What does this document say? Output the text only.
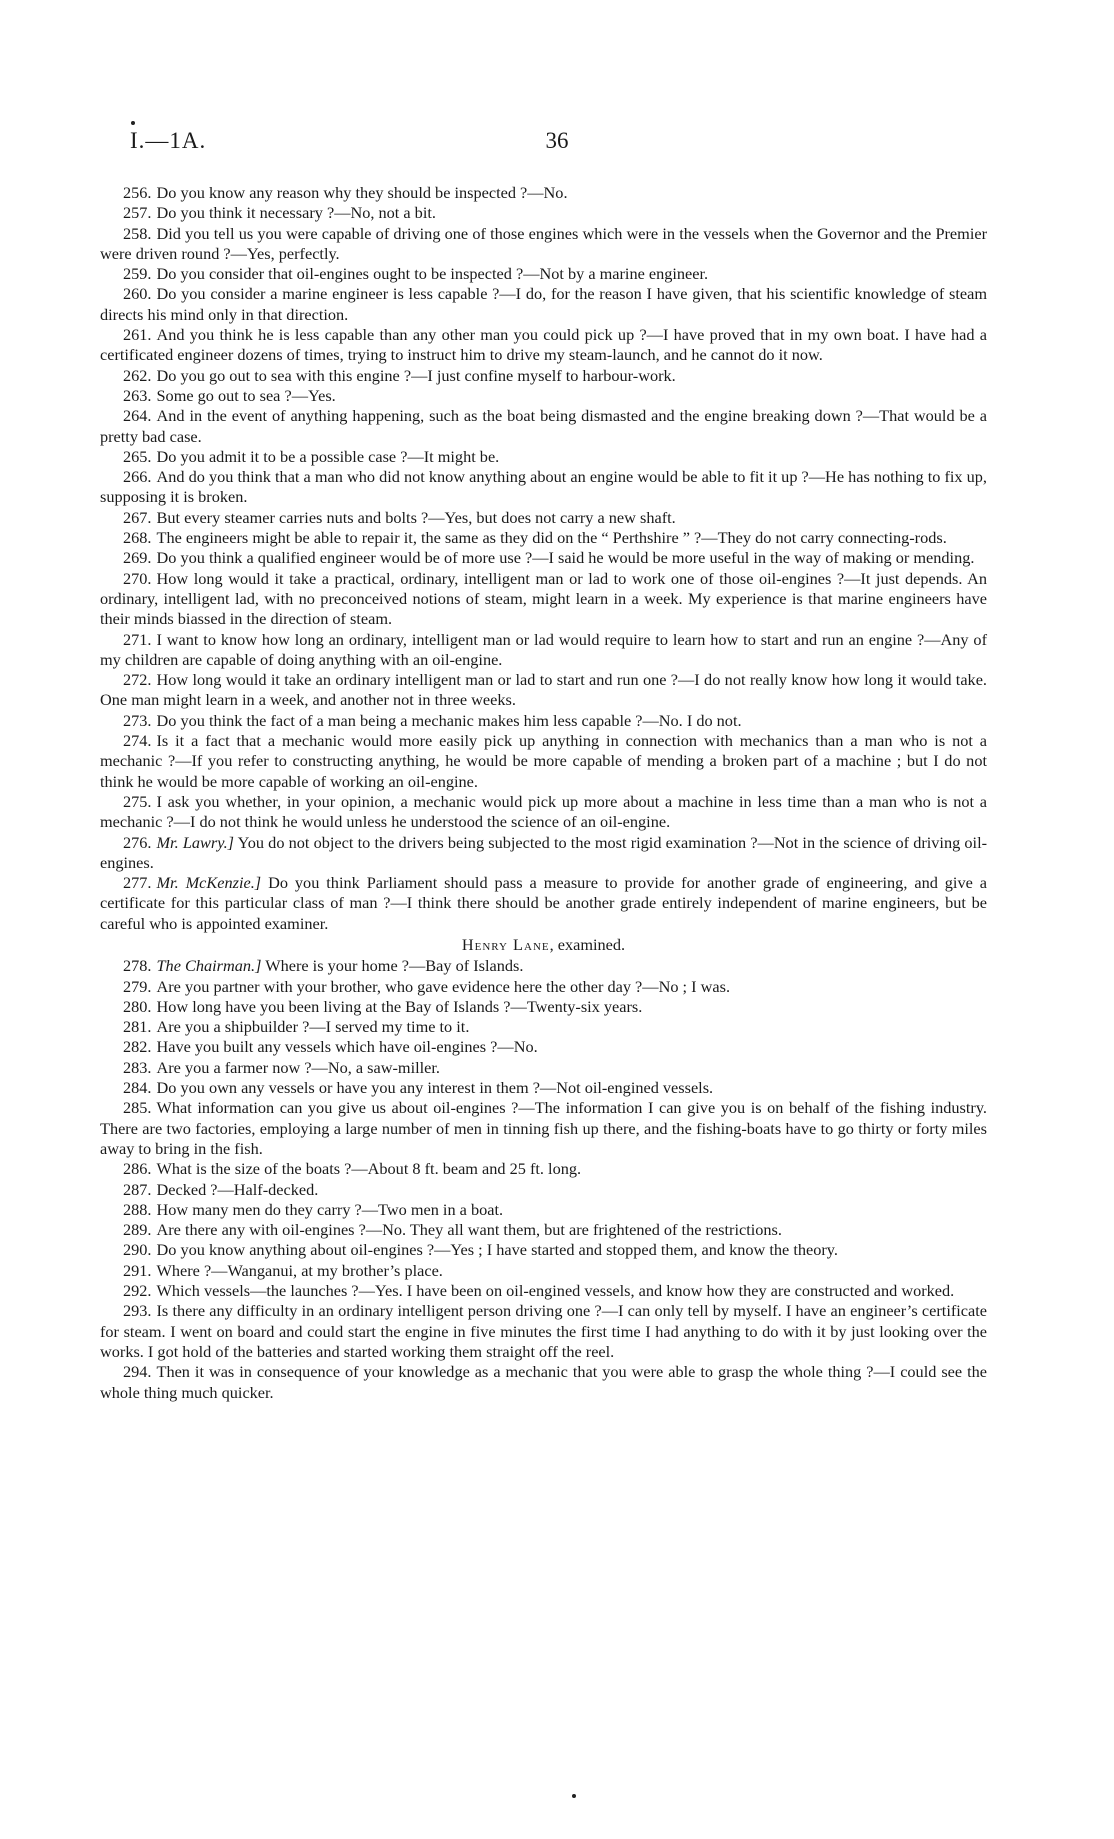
I.—1A.	36

256. Do you know any reason why they should be inspected ?—No.

257. Do you think it necessary ?—No, not a bit.

258. Did you tell us you were capable of driving one of those engines which were in the vessels when the Governor and the Premier were driven round ?—Yes, perfectly.

259. Do you consider that oil-engines ought to be inspected ?—Not by a marine engineer.

260. Do you consider a marine engineer is less capable ?—I do, for the reason I have given, that his scientific knowledge of steam directs his mind only in that direction.

261. And you think he is less capable than any other man you could pick up ?—I have proved that in my own boat. I have had a certificated engineer dozens of times, trying to instruct him to drive my steam-launch, and he cannot do it now.

262. Do you go out to sea with this engine ?—I just confine myself to harbour-work.

263. Some go out to sea ?—Yes.

264. And in the event of anything happening, such as the boat being dismasted and the engine breaking down ?—That would be a pretty bad case.

265. Do you admit it to be a possible case ?—It might be.

266. And do you think that a man who did not know anything about an engine would be able to fit it up ?—He has nothing to fix up, supposing it is broken.

267. But every steamer carries nuts and bolts ?—Yes, but does not carry a new shaft.

268. The engineers might be able to repair it, the same as they did on the “ Perthshire ” ?—They do not carry connecting-rods.

269. Do you think a qualified engineer would be of more use ?—I said he would be more useful in the way of making or mending.

270. How long would it take a practical, ordinary, intelligent man or lad to work one of those oil-engines ?—It just depends. An ordinary, intelligent lad, with no preconceived notions of steam, might learn in a week. My experience is that marine engineers have their minds biassed in the direction of steam.

271. I want to know how long an ordinary, intelligent man or lad would require to learn how to start and run an engine ?—Any of my children are capable of doing anything with an oil-engine.

272. How long would it take an ordinary intelligent man or lad to start and run one ?—I do not really know how long it would take. One man might learn in a week, and another not in three weeks.

273. Do you think the fact of a man being a mechanic makes him less capable ?—No. I do not.

274. Is it a fact that a mechanic would more easily pick up anything in connection with mechanics than a man who is not a mechanic ?—If you refer to constructing anything, he would be more capable of mending a broken part of a machine ; but I do not think he would be more capable of working an oil-engine.

275. I ask you whether, in your opinion, a mechanic would pick up more about a machine in less time than a man who is not a mechanic ?—I do not think he would unless he understood the science of an oil-engine.

276. Mr. Lawry.] You do not object to the drivers being subjected to the most rigid examination ?—Not in the science of driving oil-engines.

277. Mr. McKenzie.] Do you think Parliament should pass a measure to provide for another grade of engineering, and give a certificate for this particular class of man ?—I think there should be another grade entirely independent of marine engineers, but be careful who is appointed examiner.

Henry Lane, examined.

278. The Chairman.] Where is your home ?—Bay of Islands.

279. Are you partner with your brother, who gave evidence here the other day ?—No ; I was.

280. How long have you been living at the Bay of Islands ?—Twenty-six years.

281. Are you a shipbuilder ?—I served my time to it.

282. Have you built any vessels which have oil-engines ?—No.

283. Are you a farmer now ?—No, a saw-miller.

284. Do you own any vessels or have you any interest in them ?—Not oil-engined vessels.

285. What information can you give us about oil-engines ?—The information I can give you is on behalf of the fishing industry. There are two factories, employing a large number of men in tinning fish up there, and the fishing-boats have to go thirty or forty miles away to bring in the fish.

286. What is the size of the boats ?—About 8 ft. beam and 25 ft. long.

287. Decked ?—Half-decked.

288. How many men do they carry ?—Two men in a boat.

289. Are there any with oil-engines ?—No. They all want them, but are frightened of the restrictions.

290. Do you know anything about oil-engines ?—Yes ; I have started and stopped them, and know the theory.

291. Where ?—Wanganui, at my brother’s place.

292. Which vessels—the launches ?—Yes. I have been on oil-engined vessels, and know how they are constructed and worked.

293. Is there any difficulty in an ordinary intelligent person driving one ?—I can only tell by myself. I have an engineer’s certificate for steam. I went on board and could start the engine in five minutes the first time I had anything to do with it by just looking over the works. I got hold of the batteries and started working them straight off the reel.

294. Then it was in consequence of your knowledge as a mechanic that you were able to grasp the whole thing ?—I could see the whole thing much quicker.
